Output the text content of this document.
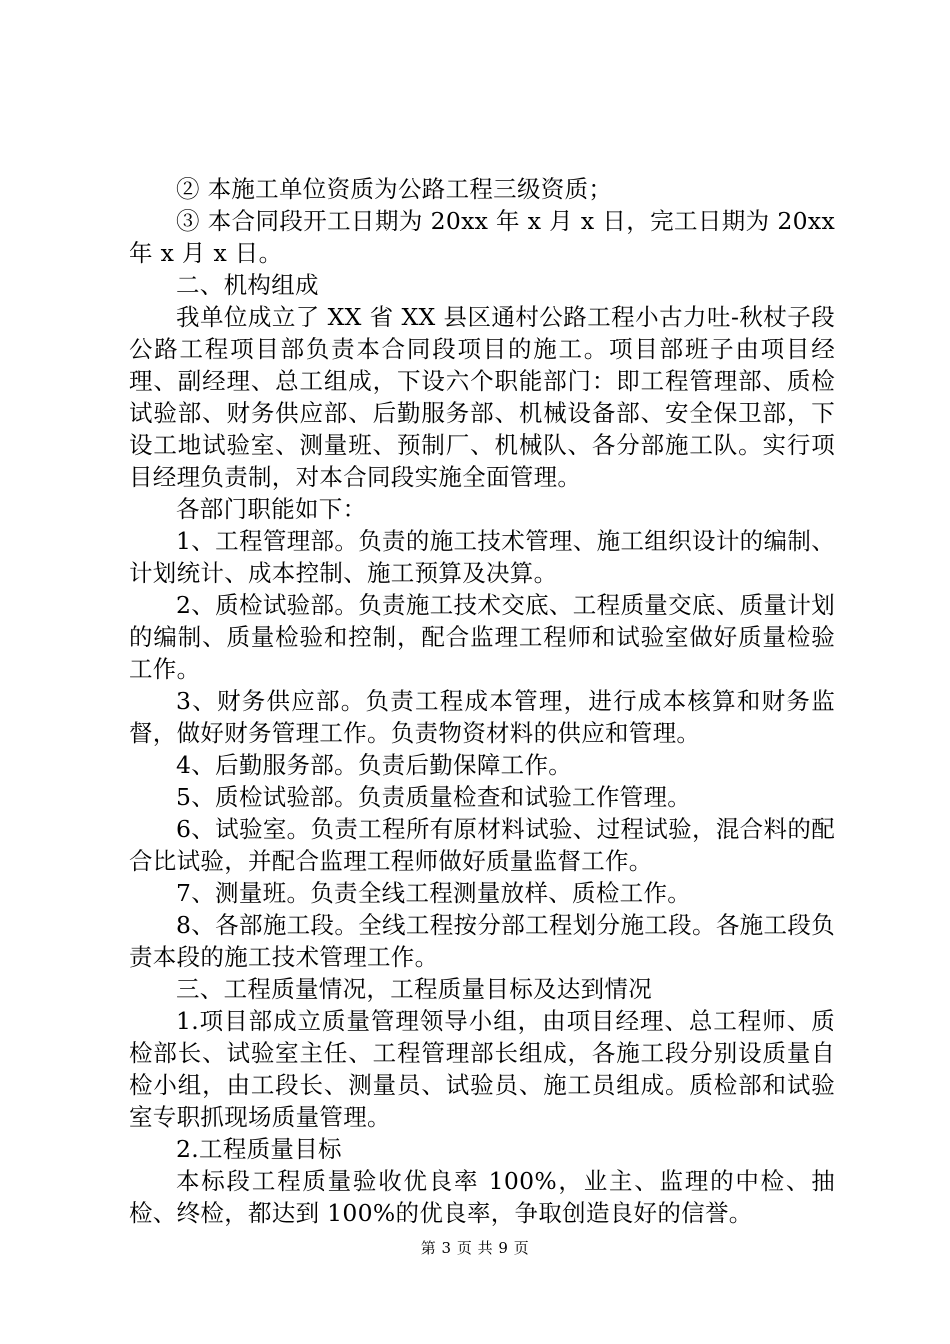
② 本施工单位资质为公路工程三级资质；

③ 本合同段开工日期为 20xx 年 x 月 x 日，完工日期为 20xx 年 x 月 x 日。

二、机构组成

我单位成立了 XX 省 XX 县区通村公路工程小古力吐-秋杖子段公路工程项目部负责本合同段项目的施工。项目部班子由项目经理、副经理、总工组成，下设六个职能部门：即工程管理部、质检试验部、财务供应部、后勤服务部、机械设备部、安全保卫部，下设工地试验室、测量班、预制厂、机械队、各分部施工队。实行项目经理负责制，对本合同段实施全面管理。

各部门职能如下：

1、工程管理部。负责的施工技术管理、施工组织设计的编制、计划统计、成本控制、施工预算及决算。

2、质检试验部。负责施工技术交底、工程质量交底、质量计划的编制、质量检验和控制，配合监理工程师和试验室做好质量检验工作。

3、财务供应部。负责工程成本管理，进行成本核算和财务监督，做好财务管理工作。负责物资材料的供应和管理。

4、后勤服务部。负责后勤保障工作。

5、质检试验部。负责质量检查和试验工作管理。

6、试验室。负责工程所有原材料试验、过程试验，混合料的配合比试验，并配合监理工程师做好质量监督工作。

7、测量班。负责全线工程测量放样、质检工作。

8、各部施工段。全线工程按分部工程划分施工段。各施工段负责本段的施工技术管理工作。

三、工程质量情况，工程质量目标及达到情况

1.项目部成立质量管理领导小组，由项目经理、总工程师、质检部长、试验室主任、工程管理部长组成，各施工段分别设质量自检小组，由工段长、测量员、试验员、施工员组成。质检部和试验室专职抓现场质量管理。

2.工程质量目标

本标段工程质量验收优良率 100%，业主、监理的中检、抽检、终检，都达到 100%的优良率，争取创造良好的信誉。

第 3 页 共 9 页
